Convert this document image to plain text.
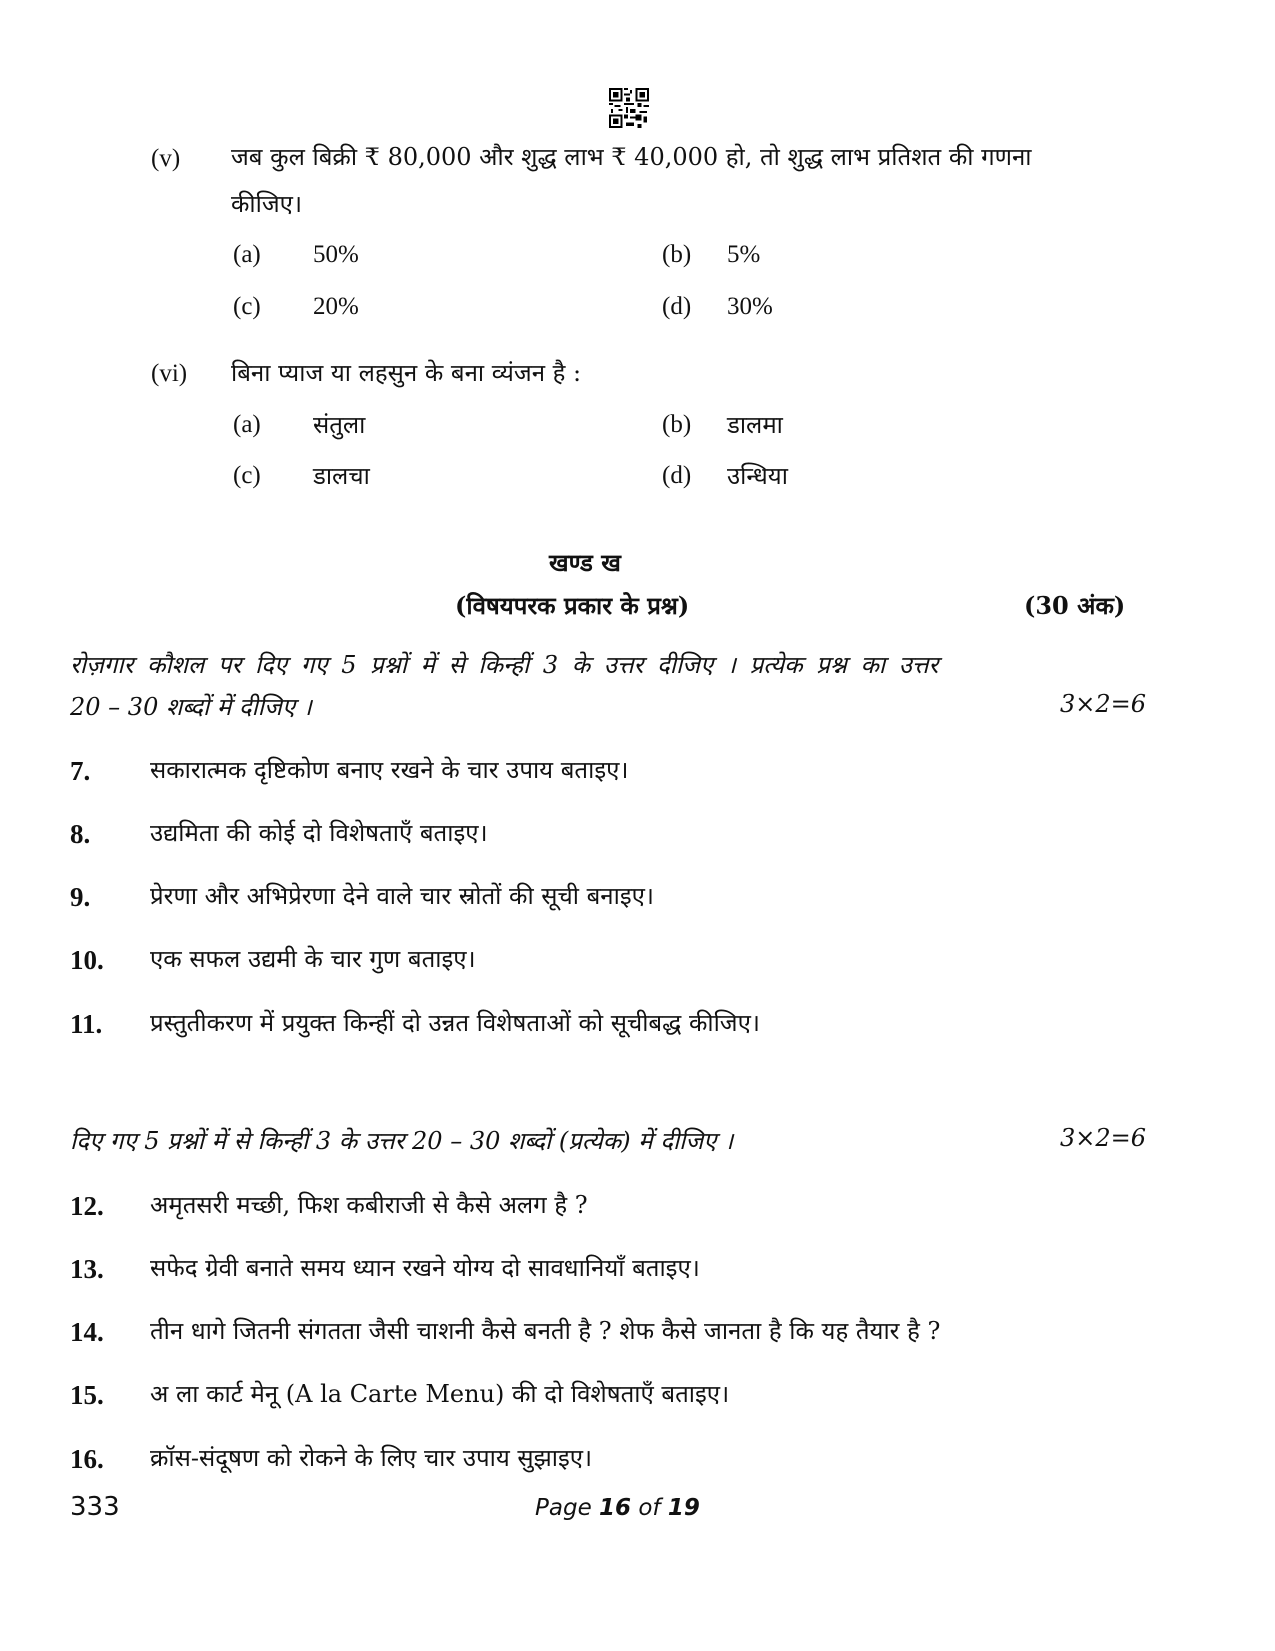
(v) जब कुल बिक्री ₹ 80,000 और शुद्ध लाभ ₹ 40,000 हो, तो शुद्ध लाभ प्रतिशत की गणना
कीजिए।
(a) 50%	(b) 5%
(c) 20%	(d) 30%
(vi) बिना प्याज या लहसुन के बना व्यंजन है :
(a) संतुला	(b) डालमा
(c) डालचा	(d) उन्धिया
खण्ड ख
(विषयपरक प्रकार के प्रश्न)	(30 अंक)
रोज़गार कौशल पर दिए गए 5 प्रश्नों में से किन्हीं 3 के उत्तर दीजिए । प्रत्येक प्रश्न का उत्तर
20 – 30 शब्दों में दीजिए ।	3×2=6
7. सकारात्मक दृष्टिकोण बनाए रखने के चार उपाय बताइए।
8. उद्यमिता की कोई दो विशेषताएँ बताइए।
9. प्रेरणा और अभिप्रेरणा देने वाले चार स्रोतों की सूची बनाइए।
10. एक सफल उद्यमी के चार गुण बताइए।
11. प्रस्तुतीकरण में प्रयुक्त किन्हीं दो उन्नत विशेषताओं को सूचीबद्ध कीजिए।
दिए गए 5 प्रश्नों में से किन्हीं 3 के उत्तर 20 – 30 शब्दों (प्रत्येक) में दीजिए ।	3×2=6
12. अमृतसरी मच्छी, फिश कबीराजी से कैसे अलग है ?
13. सफेद ग्रेवी बनाते समय ध्यान रखने योग्य दो सावधानियाँ बताइए।
14. तीन धागे जितनी संगतता जैसी चाशनी कैसे बनती है ? शेफ कैसे जानता है कि यह तैयार है ?
15. अ ला कार्ट मेनू (A la Carte Menu) की दो विशेषताएँ बताइए।
16. क्रॉस-संदूषण को रोकने के लिए चार उपाय सुझाइए।
333	Page 16 of 19
